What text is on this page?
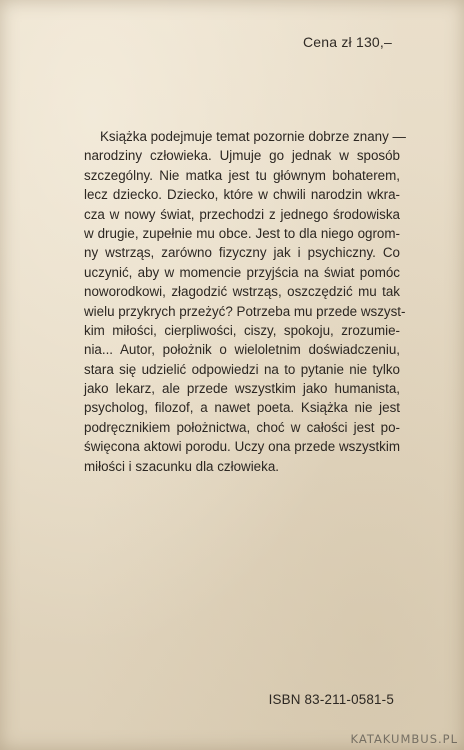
Cena zł 130,–

Książka podejmuje temat pozornie dobrze znany —
narodziny człowieka. Ujmuje go jednak w sposób
szczególny. Nie matka jest tu głównym bohaterem,
lecz dziecko. Dziecko, które w chwili narodzin wkra-
cza w nowy świat, przechodzi z jednego środowiska
w drugie, zupełnie mu obce. Jest to dla niego ogrom-
ny wstrząs, zarówno fizyczny jak i psychiczny. Co
uczynić, aby w momencie przyjścia na świat pomóc
noworodkowi, złagodzić wstrząs, oszczędzić mu tak
wielu przykrych przeżyć? Potrzeba mu przede wszyst-
kim miłości, cierpliwości, ciszy, spokoju, zrozumie-
nia... Autor, położnik o wieloletnim doświadczeniu,
stara się udzielić odpowiedzi na to pytanie nie tylko
jako lekarz, ale przede wszystkim jako humanista,
psycholog, filozof, a nawet poeta. Książka nie jest
podręcznikiem położnictwa, choć w całości jest po-
święcona aktowi porodu. Uczy ona przede wszystkim
miłości i szacunku dla człowieka.

ISBN 83-211-0581-5
KATAKUMBUS.PL
